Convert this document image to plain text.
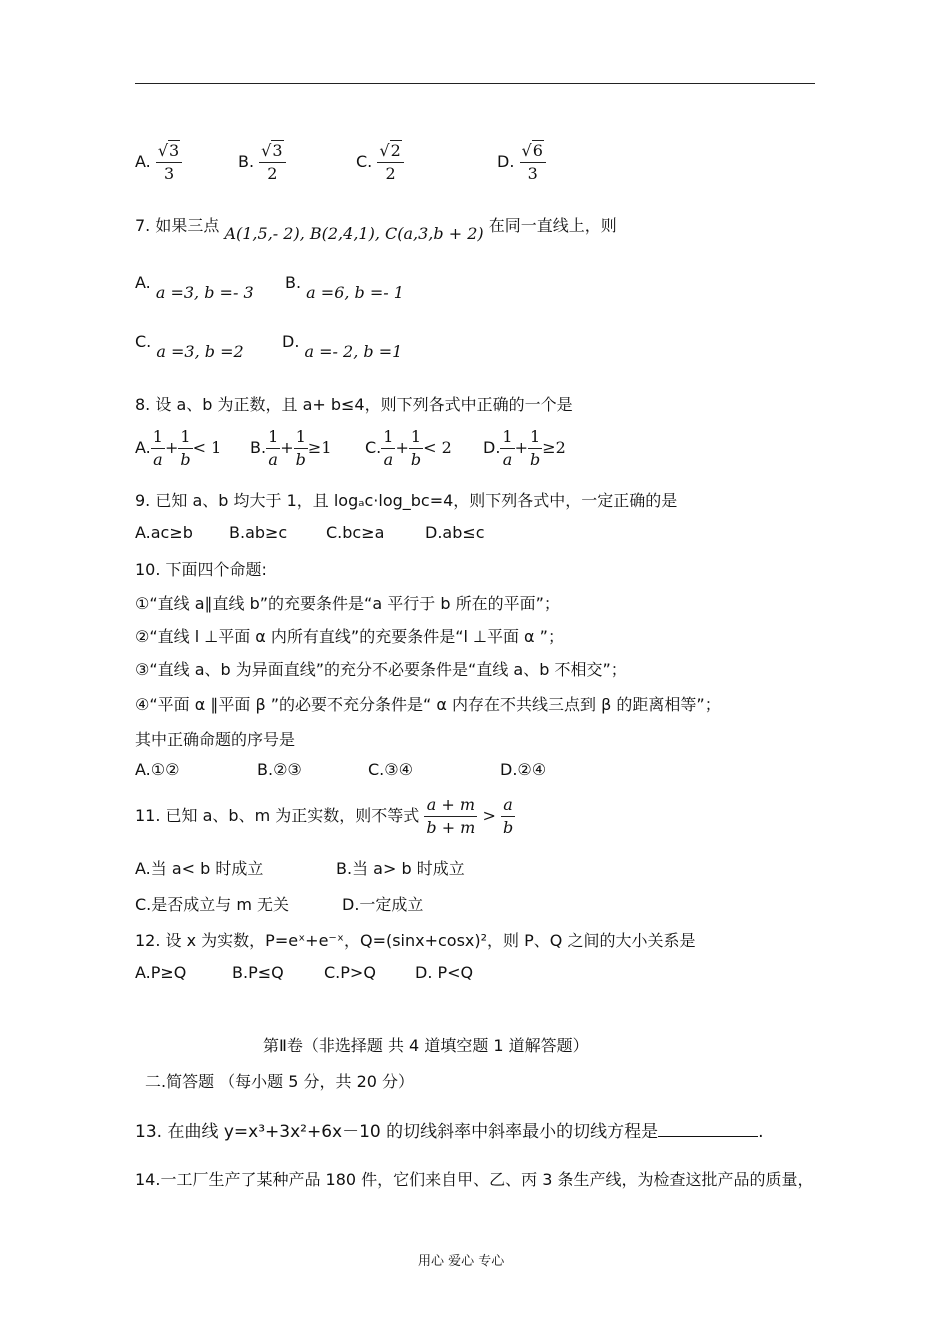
A. $\frac{√3}{3}$	B. $\frac{√3}{2}$	C. $\frac{√2}{2}$	D. $\frac{√6}{3}$
7. 如果三点 A(1,5,- 2), B(2,4,1), C(a,3,b + 2) 在同一直线上，则
A. a =3, b =- 3
B. a =6, b =- 1
C. a =3, b =2
D. a =- 2, b =1
8. 设 a、b 为正数，且 a+ b≤4，则下列各式中正确的一个是
A. $\frac{1}{a} + \frac{1}{b} < 1$ B. $\frac{1}{a} + \frac{1}{b} \ge 1$ C. $\frac{1}{a} + \frac{1}{b} < 2$ D. $\frac{1}{a} + \frac{1}{b} \ge 2$
9. 已知 a、b 均大于 1，且 logₐc·log_bc=4，则下列各式中，一定正确的是
A.ac≥b B.ab≥c C.bc≥a	D.ab≤c
10. 下面四个命题:
①“直线 a∥直线 b”的充要条件是“a 平行于 b 所在的平面”；
②“直线 l ⊥平面 α 内所有直线”的充要条件是“l ⊥平面 α ”；
③“直线 a、b 为异面直线”的充分不必要条件是“直线 a、b 不相交”；
④“平面 α ∥平面 β ”的必要不充分条件是“ α 内存在不共线三点到 β 的距离相等”；
其中正确命题的序号是
A.①②	B.②③	C.③④	D.②④
11. 已知 a、b、m 为正实数，则不等式 $\frac{a + m}{b + m} > \frac{a}{b}$
A.当 a< b 时成立	B.当 a> b 时成立
C.是否成立与 m 无关	D.一定成立
12. 设 x 为实数，P=eˣ+e⁻ˣ，Q=(sinx+cosx)²，则 P、Q 之间的大小关系是
A.P≥Q	B.P≤Q	C.P>Q D. P<Q
第Ⅱ卷（非选择题 共 4 道填空题 1 道解答题）
二.简答题 （每小题 5 分，共 20 分）
13. 在曲线 y=x³+3x²+6x－10 的切线斜率中斜率最小的切线方程是	.
14.一工厂生产了某种产品 180 件，它们来自甲、乙、丙 3 条生产线，为检查这批产品的质量，
用心 爱心 专心
